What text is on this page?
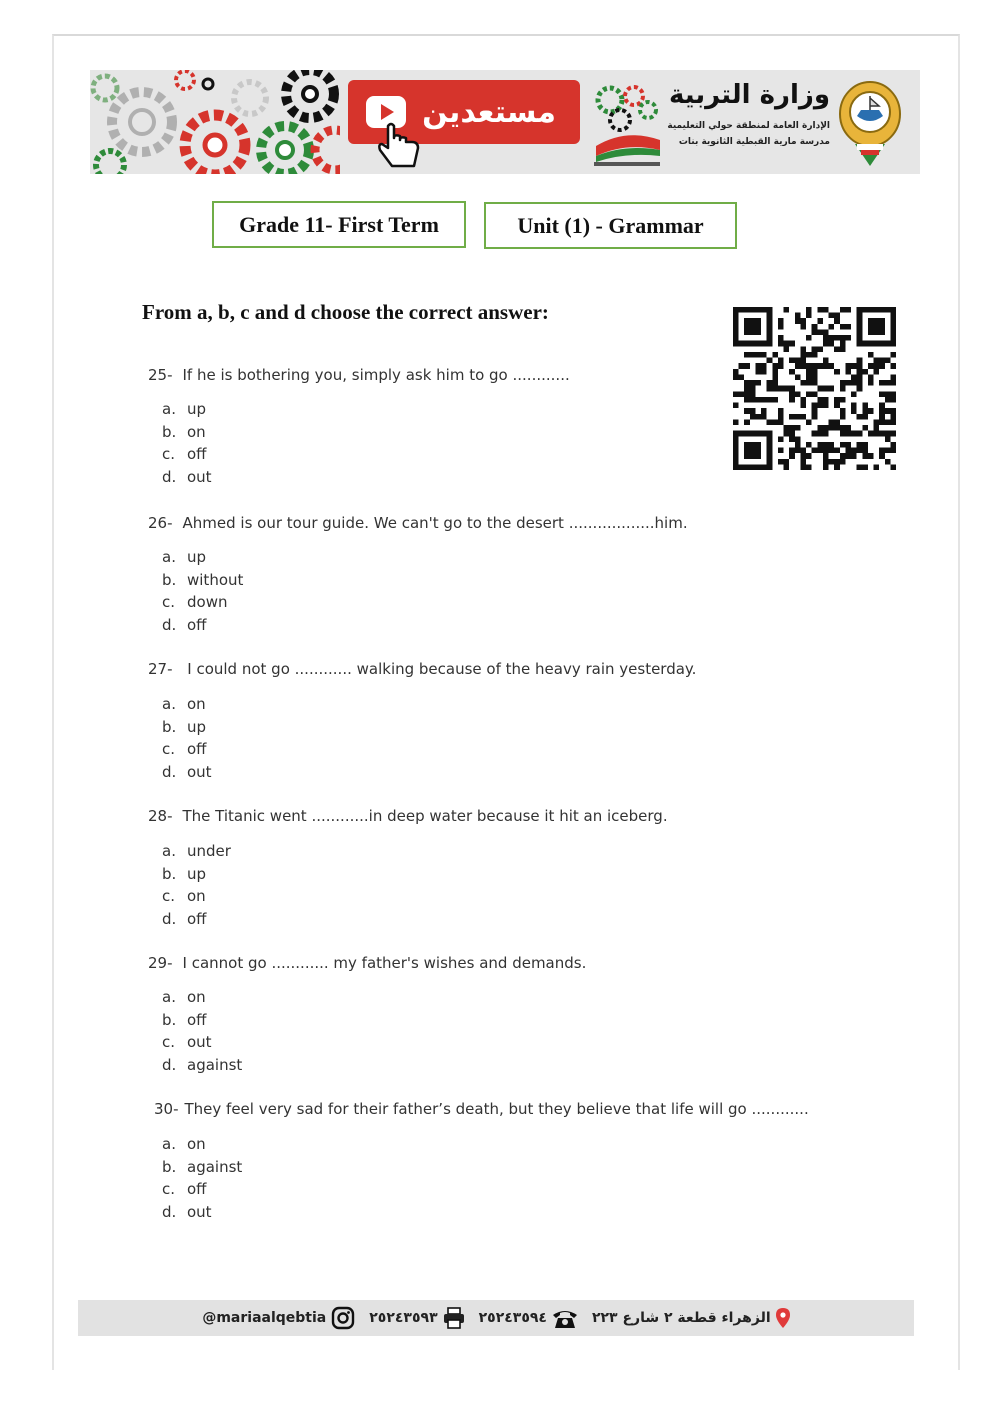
مستعدين	وزارة التربية
الإدارة العامة لمنطقة حولي التعليمية
مدرسة مارية القبطية الثانوية بنات
Grade 11- First Term	Unit (1) - Grammar
From a, b, c and d choose the correct answer:
25- If he is bothering you, simply ask him to go ............
a. up
b. on
c. off
d. out
26- Ahmed is our tour guide. We can't go to the desert ..................him.
a. up
b. without
c. down
d. off
27- I could not go ............ walking because of the heavy rain yesterday.
a. on
b. up
c. off
d. out
28- The Titanic went ............in deep water because it hit an iceberg.
a. under
b. up
c. on
d. off
29- I cannot go ............ my father's wishes and demands.
a. on
b. off
c. out
d. against
30- They feel very sad for their father’s death, but they believe that life will go ............
a. on
b. against
c. off
d. out
@mariaalqebtia	٢٥٢٤٣٥٩٣	٢٥٢٤٣٥٩٤	الزهراء قطعة ٢ شارع ٢٢٣
